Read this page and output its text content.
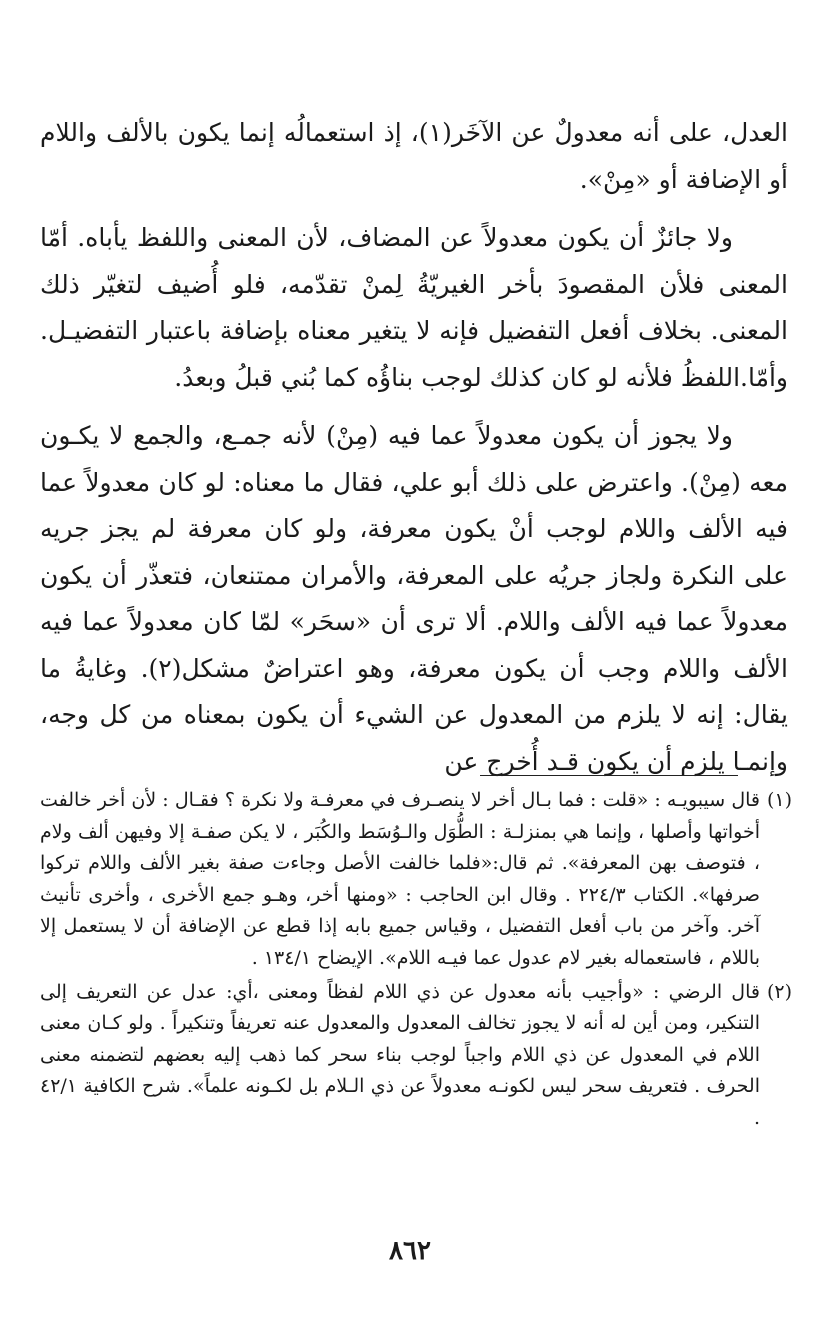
العدل، على أنه معدولٌ عن الآخَر(١)، إذ استعمالُه إنما يكون بالألف واللام أو الإضافة أو «مِنْ».

ولا جائزٌ أن يكون معدولاً عن المضاف، لأن المعنى واللفظ يأباه. أمّا المعنى فلأن المقصودَ بأخر الغيريّةُ لِمنْ تقدّمه، فلو أُضيف لتغيّر ذلك المعنى. بخلاف أفعل التفضيل فإنه لا يتغير معناه بإضافة باعتبار التفضيـل. وأمّا.اللفظُ فلأنه لو كان كذلك لوجب بناؤُه كما بُني قبلُ وبعدُ.

ولا يجوز أن يكون معدولاً عما فيه (مِنْ) لأنه جمـع، والجمع لا يكـون معه (مِنْ). واعترض على ذلك أبو علي، فقال ما معناه: لو كان معدولاً عما فيه الألف واللام لوجب أنْ يكون معرفة، ولو كان معرفة لم يجز جريه على النكرة ولجاز جريُه على المعرفة، والأمران ممتنعان، فتعذّر أن يكون معدولاً عما فيه الألف واللام. ألا ترى أن «سحَر» لمّا كان معدولاً عما فيه الألف واللام وجب أن يكون معرفة، وهو اعتراضٌ مشكل(٢). وغايةُ ما يقال: إنه لا يلزم من المعدول عن الشيء أن يكون بمعناه من كل وجه، وإنمـا يلزم أن يكون قـد أُخرج عن

(١)قال سيبويـه : «قلت : فما بـال أخر لا ينصـرف في معرفـة ولا نكرة ؟ فقـال : لأن أخر خالفت أخواتها وأصلها ، وإنما هي بمنزلـة : الطُّوَل والـوُسَط والكُبَر ، لا يكن صفـة إلا وفيهن ألف ولام ، فتوصف بهن المعرفة». ثم قال:«فلما خالفت الأصل وجاءت صفة بغير الألف واللام تركوا صرفها». الكتاب ٢٢٤/٣ . وقال ابن الحاجب : «ومنها أخر، وهـو جمع الأخرى ، وأخرى تأنيث آخر. وآخر من باب أفعل التفضيل ، وقياس جميع بابه إذا قطع عن الإضافة أن لا يستعمل إلا باللام ، فاستعماله بغير لام عدول عما فيـه اللام». الإيضاح ١٣٤/١ .

(٢)قال الرضي : «وأجيب بأنه معدول عن ذي اللام لفظاً ومعنى ،أي: عدل عن التعريف إلى التنكير، ومن أين له أنه لا يجوز تخالف المعدول والمعدول عنه تعريفاً وتنكيراً . ولو كـان معنى اللام في المعدول عن ذي اللام واجباً لوجب بناء سحر كما ذهب إليه بعضهم لتضمنه معنى الحرف . فتعريف سحر ليس لكونـه معدولاً عن ذي الـلام بل لكـونه علماً». شرح الكافية ٤٢/١ .

٨٦٢
